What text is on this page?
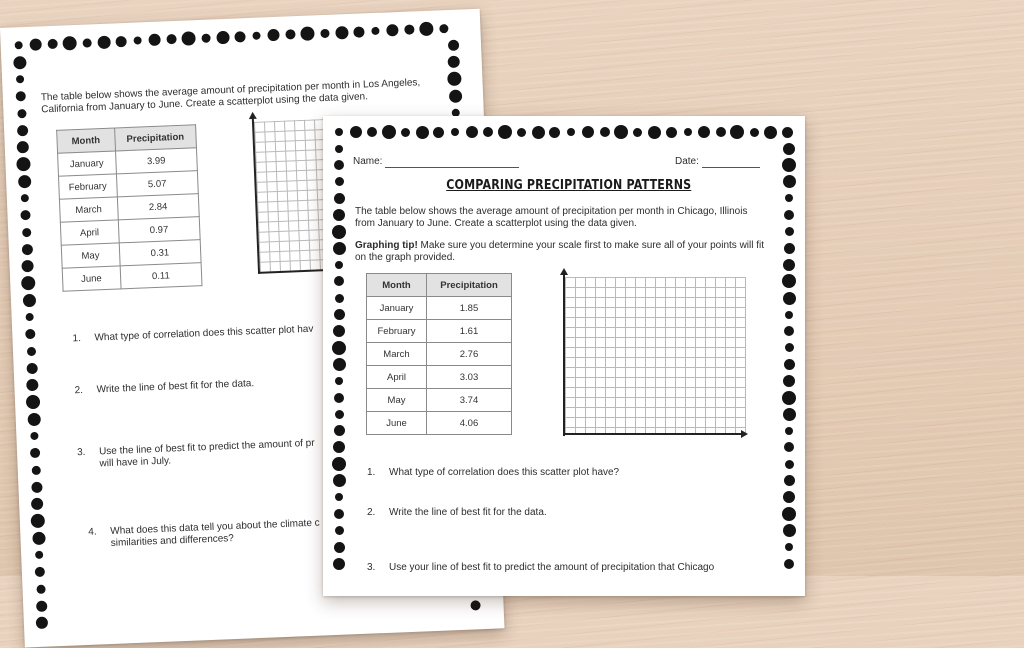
The table below shows the average amount of precipitation per month in Los Angeles, California from January to June. Create a scatterplot using the data given.

Month	Precipitation
January	3.99
February	5.07
March	2.84
April	0.97
May	0.31
June	0.11
1. What type of correlation does this scatter plot hav
2. Write the line of best fit for the data.
3. Use the line of best fit to predict the amount of pr
will have in July.
4. What does this data tell you about the climate c
similarities and differences?
Name:	Date:
COMPARING PRECIPITATION PATTERNS

The table below shows the average amount of precipitation per month in Chicago, Illinois from January to June. Create a scatterplot using the data given.

Graphing tip! Make sure you determine your scale first to make sure all of your points will fit on the graph provided.

Month	Precipitation
January	1.85
February	1.61
March	2.76
April	3.03
May	3.74
June	4.06
1. What type of correlation does this scatter plot have?
2. Write the line of best fit for the data.
3. Use your line of best fit to predict the amount of precipitation that Chicago
